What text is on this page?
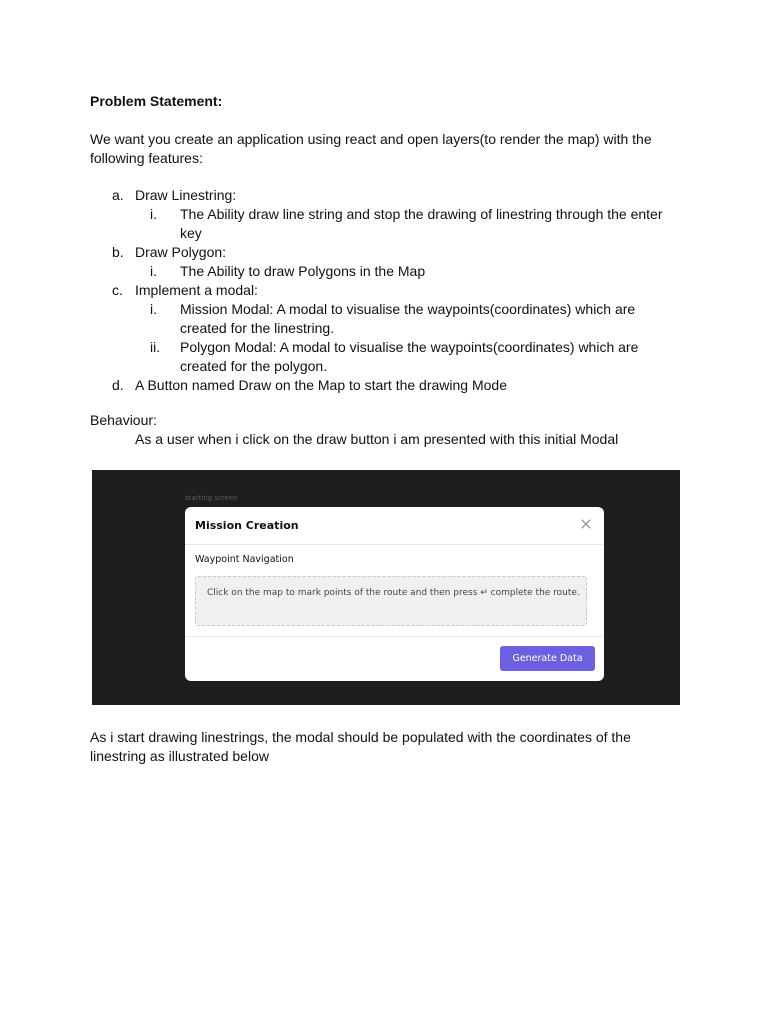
Problem Statement:

We want you create an application using react and open layers(to render the map) with the following features:

a. Draw Linestring:
i. The Ability draw line string and stop the drawing of linestring through the enter key
b. Draw Polygon:
i. The Ability to draw Polygons in the Map
c. Implement a modal:
i. Mission Modal: A modal to visualise the waypoints(coordinates) which are created for the linestring.
ii. Polygon Modal: A modal to visualise the waypoints(coordinates) which are created for the polygon.
d. A Button named Draw on the Map to start the drawing Mode
Behaviour:

As a user when i click on the draw button i am presented with this initial Modal

starting screen
Mission Creation
Waypoint Navigation
Click on the map to mark points of the route and then press ↵ complete the route.
Generate Data

As i start drawing linestrings, the modal should be populated with the coordinates of the linestring as illustrated below
